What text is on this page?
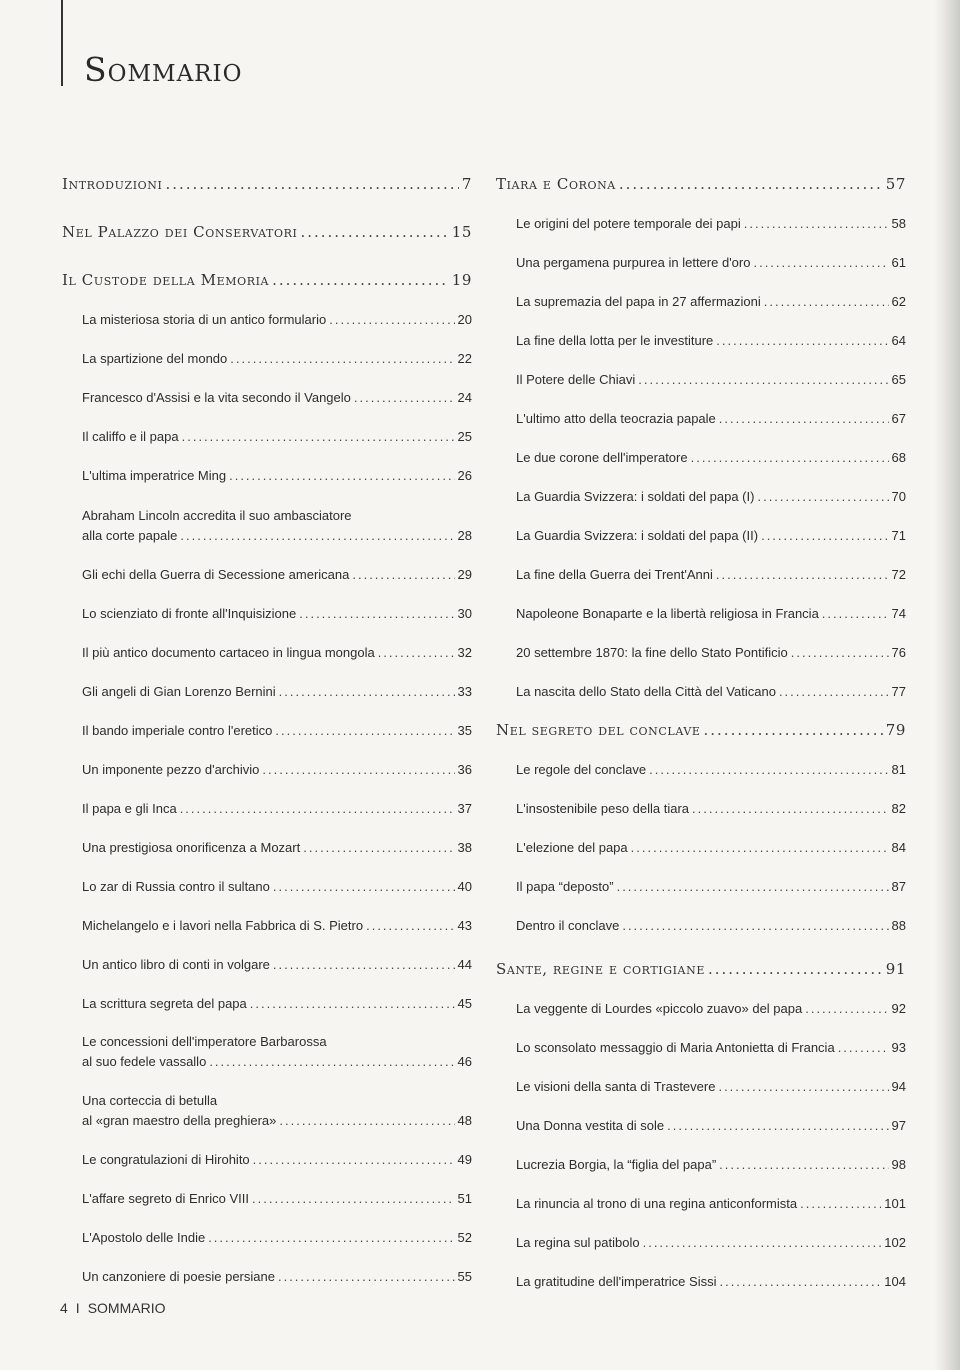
Sommario
Introduzioni .....	7
Nel Palazzo dei Conservatori .....	15
Il Custode della Memoria .....	19
La misteriosa storia di un antico formulario .....	20
La spartizione del mondo .....	22
Francesco d'Assisi e la vita secondo il Vangelo .....	24
Il califfo e il papa .....	25
L'ultima imperatrice Ming .....	26
Abraham Lincoln accredita il suo ambasciatore
alla corte papale .....	28
Gli echi della Guerra di Secessione americana .....	29
Lo scienziato di fronte all'Inquisizione .....	30
Il più antico documento cartaceo in lingua mongola .....	32
Gli angeli di Gian Lorenzo Bernini .....	33
Il bando imperiale contro l'eretico .....	35
Un imponente pezzo d'archivio .....	36
Il papa e gli Inca .....	37
Una prestigiosa onorificenza a Mozart .....	38
Lo zar di Russia contro il sultano .....	40
Michelangelo e i lavori nella Fabbrica di S. Pietro .....	43
Un antico libro di conti in volgare .....	44
La scrittura segreta del papa .....	45
Le concessioni dell'imperatore Barbarossa
al suo fedele vassallo .....	46
Una corteccia di betulla
al «gran maestro della preghiera» .....	48
Le congratulazioni di Hirohito .....	49
L'affare segreto di Enrico VIII .....	51
L'Apostolo delle Indie .....	52
Un canzoniere di poesie persiane .....	55
Tiara e Corona .....	57
Le origini del potere temporale dei papi .....	58
Una pergamena purpurea in lettere d'oro .....	61
La supremazia del papa in 27 affermazioni .....	62
La fine della lotta per le investiture .....	64
Il Potere delle Chiavi .....	65
L'ultimo atto della teocrazia papale .....	67
Le due corone dell'imperatore .....	68
La Guardia Svizzera: i soldati del papa (I) .....	70
La Guardia Svizzera: i soldati del papa (II) .....	71
La fine della Guerra dei Trent'Anni .....	72
Napoleone Bonaparte e la libertà religiosa in Francia .....	74
20 settembre 1870: la fine dello Stato Pontificio .....	76
La nascita dello Stato della Città del Vaticano .....	77
Nel segreto del conclave .....	79
Le regole del conclave .....	81
L'insostenibile peso della tiara .....	82
L'elezione del papa .....	84
Il papa “deposto” .....	87
Dentro il conclave .....	88
Sante, regine e cortigiane .....	91
La veggente di Lourdes «piccolo zuavo» del papa .....	92
Lo sconsolato messaggio di Maria Antonietta di Francia .....	93
Le visioni della santa di Trastevere .....	94
Una Donna vestita di sole .....	97
Lucrezia Borgia, la “figlia del papa” .....	98
La rinuncia al trono di una regina anticonformista .....	101
La regina sul patibolo .....	102
La gratitudine dell'imperatrice Sissi .....	104
4 I SOMMARIO
